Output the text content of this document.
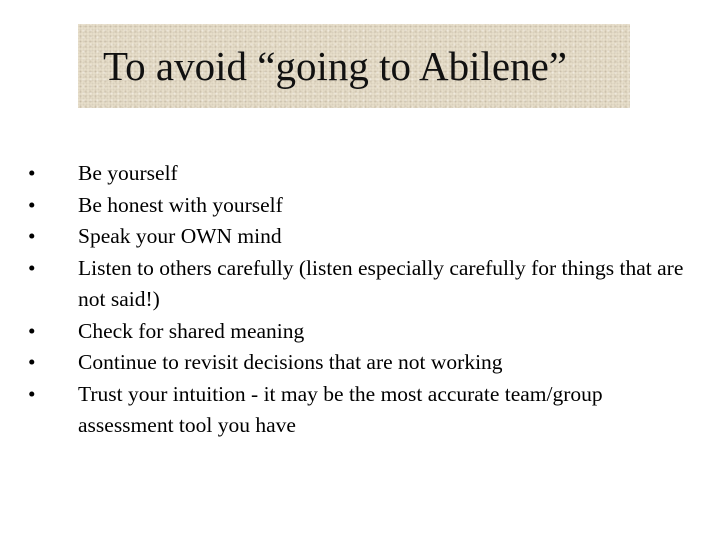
To avoid “going to Abilene”
•	Be yourself
•	Be honest with yourself
•	Speak your OWN mind
•	Listen to others carefully (listen especially carefully for things that are not said!)
•	Check for shared meaning
•	Continue to revisit decisions that are not working
•	Trust your intuition - it may be the most accurate team/group assessment tool you have
